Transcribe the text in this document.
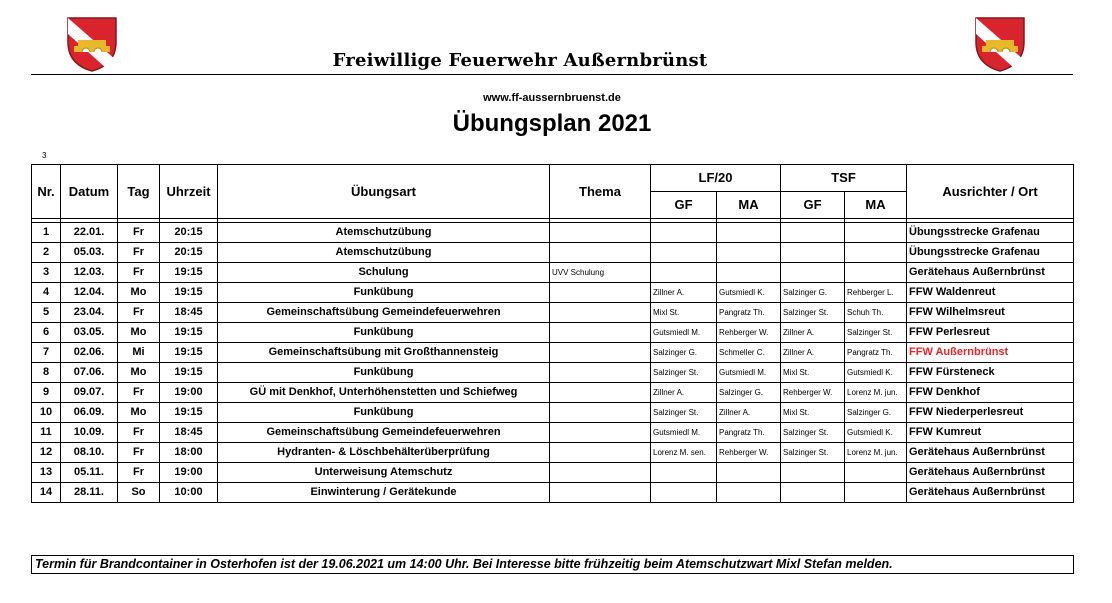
Freiwillige Feuerwehr Außernbrünst
www.ff-aussernbruenst.de
Übungsplan 2021
3
Nr.	Datum	Tag	Uhrzeit	Übungsart	Thema	LF/20		TSF		Ausrichter / Ort
						GF	MA	GF	MA	

1	22.01.	Fr	20:15	Atemschutzübung						Übungsstrecke Grafenau
2	05.03.	Fr	20:15	Atemschutzübung						Übungsstrecke Grafenau
3	12.03.	Fr	19:15	Schulung	UVV Schulung					Gerätehaus Außernbrünst
4	12.04.	Mo	19:15	Funkübung		Zillner A.	Gutsmiedl K.	Salzinger G.	Rehberger L.	FFW Waldenreut
5	23.04.	Fr	18:45	Gemeinschaftsübung Gemeindefeuerwehren		Mixl St.	Pangratz Th.	Salzinger St.	Schuh Th.	FFW Wilhelmsreut
6	03.05.	Mo	19:15	Funkübung		Gutsmiedl M.	Rehberger W.	Zillner A.	Salzinger St.	FFW Perlesreut
7	02.06.	Mi	19:15	Gemeinschaftsübung mit Großthannensteig		Salzinger G.	Schmeller C.	Zillner A.	Pangratz Th.	FFW Außernbrünst
8	07.06.	Mo	19:15	Funkübung		Salzinger St.	Gutsmiedl M.	Mixl St.	Gutsmiedl K.	FFW Fürsteneck
9	09.07.	Fr	19:00	GÜ mit Denkhof, Unterhöhenstetten und Schiefweg		Zillner A.	Salzinger G.	Rehberger W.	Lorenz M. jun.	FFW Denkhof
10	06.09.	Mo	19:15	Funkübung		Salzinger St.	Zillner A.	Mixl St.	Salzinger G.	FFW Niederperlesreut
11	10.09.	Fr	18:45	Gemeinschaftsübung Gemeindefeuerwehren		Gutsmiedl M.	Pangratz Th.	Salzinger St.	Gutsmiedl K.	FFW Kumreut
12	08.10.	Fr	18:00	Hydranten- & Löschbehälterüberprüfung		Lorenz M. sen.	Rehberger W.	Salzinger St.	Lorenz M. jun.	Gerätehaus Außernbrünst
13	05.11.	Fr	19:00	Unterweisung Atemschutz						Gerätehaus Außernbrünst
14	28.11.	So	10:00	Einwinterung / Gerätekunde						Gerätehaus Außernbrünst
Termin für Brandcontainer in Osterhofen ist der 19.06.2021 um 14:00 Uhr. Bei Interesse bitte frühzeitig beim Atemschutzwart Mixl Stefan melden.
